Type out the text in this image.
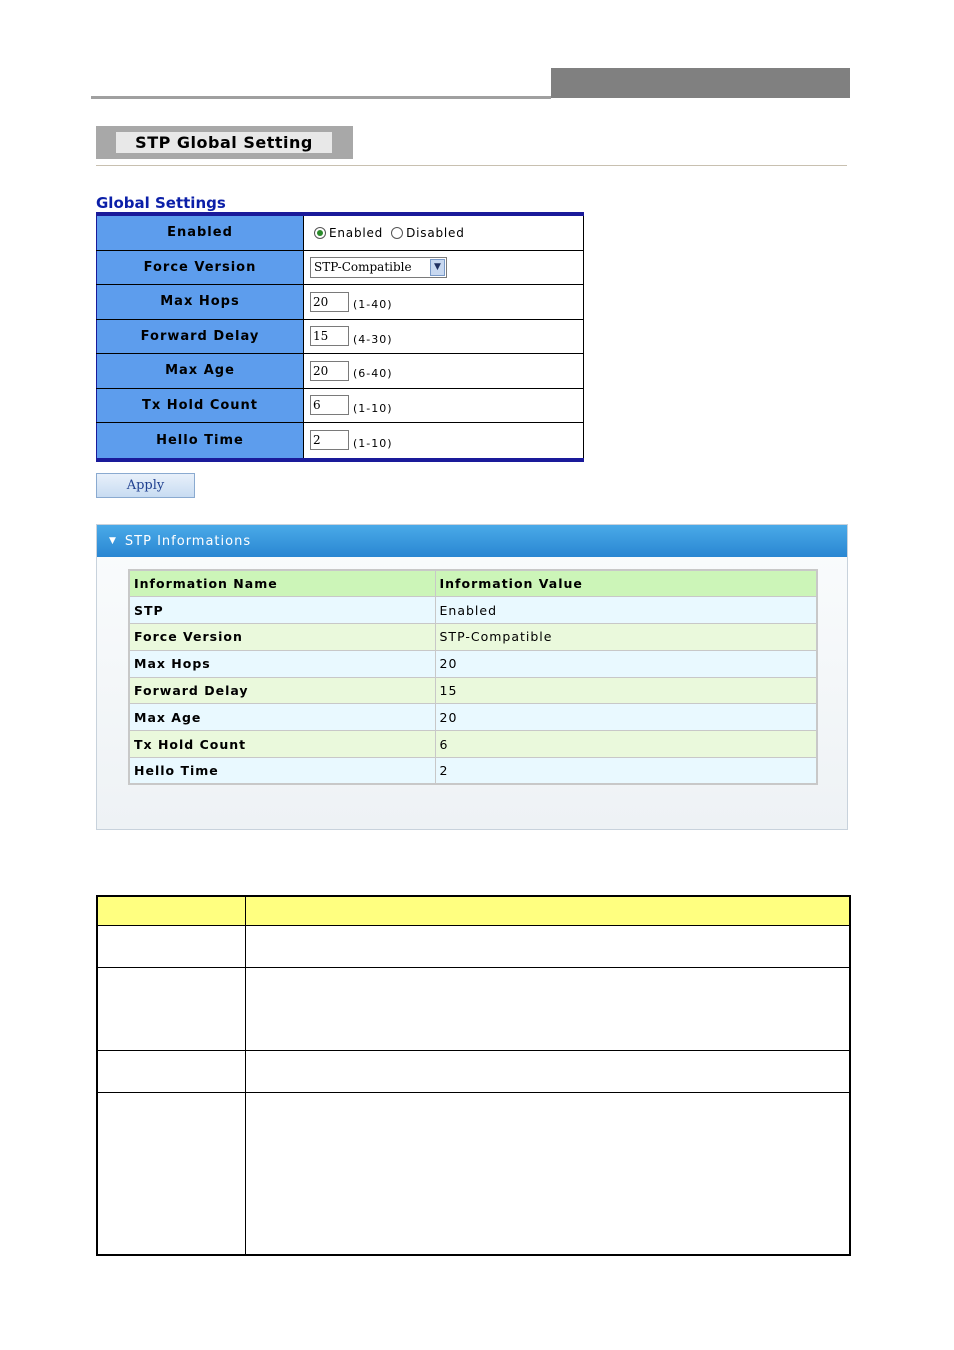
STP Global Setting
Global Settings
Enabled	Enabled Disabled
Force Version	STP-Compatible	▼
Max Hops	20	(1-40)
Forward Delay	15	(4-30)
Max Age	20	(6-40)
Tx Hold Count	6	(1-10)
Hello Time	2	(1-10)
Apply
▼ STP Informations
Information Name	Information Value
STP	Enabled
Force Version	STP-Compatible
Max Hops	20
Forward Delay	15
Max Age	20
Tx Hold Count	6
Hello Time	2
